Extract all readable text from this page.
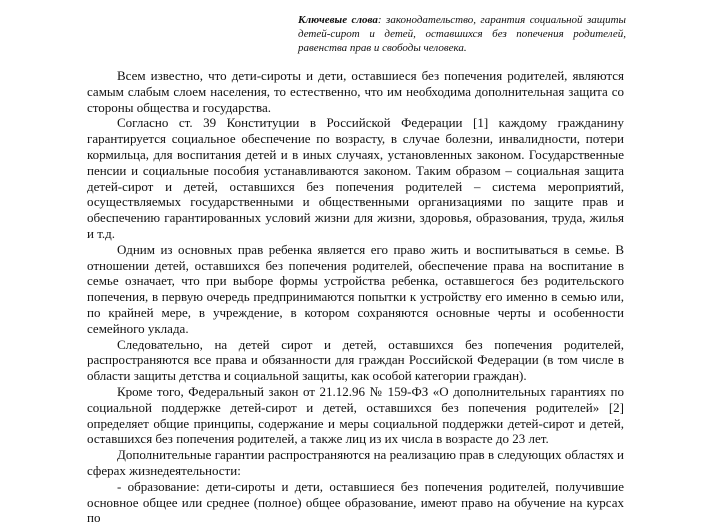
Ключевые слова: законодательство, гарантия социальной защиты детей-сирот и детей, оставшихся без попечения родителей, равенства прав и свободы человека.

Всем известно, что дети-сироты и дети, оставшиеся без попечения родителей, являются самым слабым слоем населения, то естественно, что им необходима дополнительная защита со стороны общества и государства.

Согласно ст. 39 Конституции в Российской Федерации [1] каждому гражданину гарантируется социальное обеспечение по возрасту, в случае болезни, инвалидности, потери кормильца, для воспитания детей и в иных случаях, установленных законом. Государственные пенсии и социальные пособия устанавливаются законом. Таким образом – социальная защита детей-сирот и детей, оставшихся без попечения родителей – система мероприятий, осуществляемых государственными и общественными организациями по защите прав и обеспечению гарантированных условий жизни для жизни, здоровья, образования, труда, жилья и т.д.

Одним из основных прав ребенка является его право жить и воспитываться в семье. В отношении детей, оставшихся без попечения родителей, обеспечение права на воспитание в семье означает, что при выборе формы устройства ребенка, оставшегося без родительского попечения, в первую очередь предпринимаются попытки к устройству его именно в семью или, по крайней мере, в учреждение, в котором сохраняются основные черты и особенности семейного уклада.

Следовательно, на детей сирот и детей, оставшихся без попечения родителей, распространяются все права и обязанности для граждан Российской Федерации (в том числе в области защиты детства и социальной защиты, как особой категории граждан).

Кроме того, Федеральный закон от 21.12.96 № 159-ФЗ «О дополнительных гарантиях по социальной поддержке детей-сирот и детей, оставшихся без попечения родителей» [2] определяет общие принципы, содержание и меры социальной поддержки детей-сирот и детей, оставшихся без попечения родителей, а также лиц из их числа в возрасте до 23 лет.

Дополнительные гарантии распространяются на реализацию прав в следующих областях и сферах жизнедеятельности:

- образование: дети-сироты и дети, оставшиеся без попечения родителей, получившие основное общее или среднее (полное) общее образование, имеют право на обучение на курсах по
